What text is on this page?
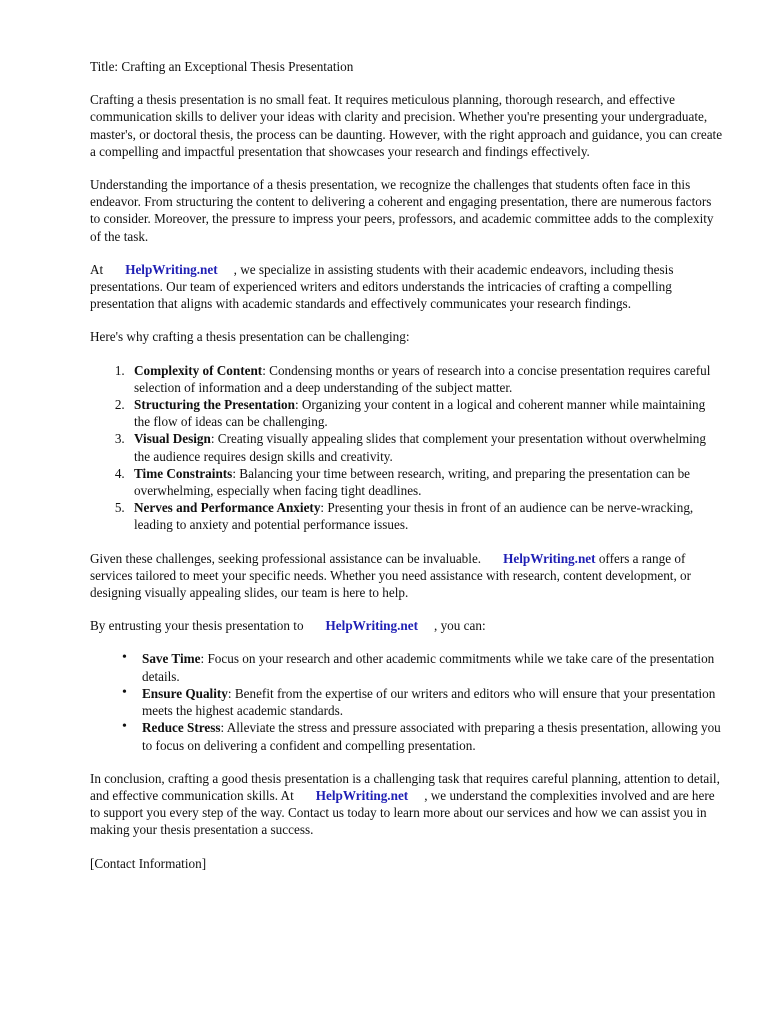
Title: Crafting an Exceptional Thesis Presentation

Crafting a thesis presentation is no small feat. It requires meticulous planning, thorough research, and effective communication skills to deliver your ideas with clarity and precision. Whether you're presenting your undergraduate, master's, or doctoral thesis, the process can be daunting. However, with the right approach and guidance, you can create a compelling and impactful presentation that showcases your research and findings effectively.

Understanding the importance of a thesis presentation, we recognize the challenges that students often face in this endeavor. From structuring the content to delivering a coherent and engaging presentation, there are numerous factors to consider. Moreover, the pressure to impress your peers, professors, and academic committee adds to the complexity of the task.

At HelpWriting.net , we specialize in assisting students with their academic endeavors, including thesis presentations. Our team of experienced writers and editors understands the intricacies of crafting a compelling presentation that aligns with academic standards and effectively communicates your research findings.

Here's why crafting a thesis presentation can be challenging:

1. Complexity of Content: Condensing months or years of research into a concise presentation requires careful selection of information and a deep understanding of the subject matter.
2. Structuring the Presentation: Organizing your content in a logical and coherent manner while maintaining the flow of ideas can be challenging.
3. Visual Design: Creating visually appealing slides that complement your presentation without overwhelming the audience requires design skills and creativity.
4. Time Constraints: Balancing your time between research, writing, and preparing the presentation can be overwhelming, especially when facing tight deadlines.
5. Nerves and Performance Anxiety: Presenting your thesis in front of an audience can be nerve-wracking, leading to anxiety and potential performance issues.

Given these challenges, seeking professional assistance can be invaluable. HelpWriting.net offers a range of services tailored to meet your specific needs. Whether you need assistance with research, content development, or designing visually appealing slides, our team is here to help.

By entrusting your thesis presentation to HelpWriting.net , you can:

• Save Time: Focus on your research and other academic commitments while we take care of the presentation details.
• Ensure Quality: Benefit from the expertise of our writers and editors who will ensure that your presentation meets the highest academic standards.
• Reduce Stress: Alleviate the stress and pressure associated with preparing a thesis presentation, allowing you to focus on delivering a confident and compelling presentation.

In conclusion, crafting a good thesis presentation is a challenging task that requires careful planning, attention to detail, and effective communication skills. At HelpWriting.net , we understand the complexities involved and are here to support you every step of the way. Contact us today to learn more about our services and how we can assist you in making your thesis presentation a success.

[Contact Information]
